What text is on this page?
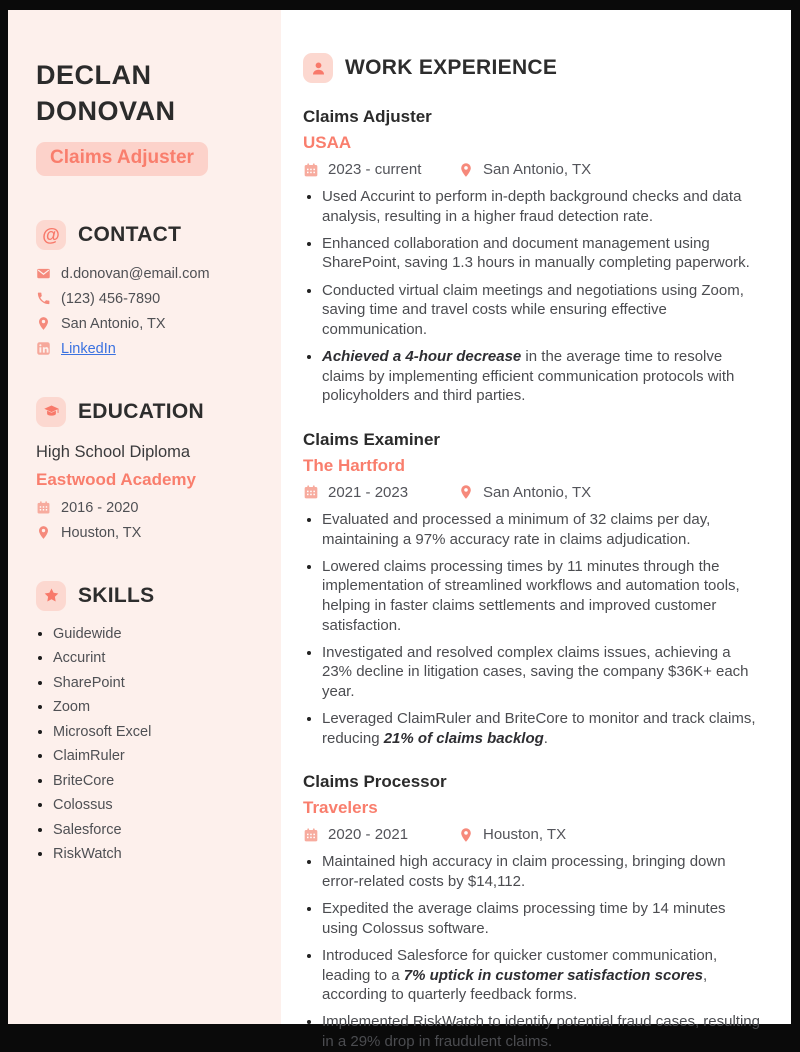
DECLAN
DONOVAN
Claims Adjuster
@ CONTACT
d.donovan@email.com
(123) 456-7890
San Antonio, TX
LinkedIn
EDUCATION
High School Diploma
Eastwood Academy
2016 - 2020
Houston, TX
SKILLS
• Guidewide
• Accurint
• SharePoint
• Zoom
• Microsoft Excel
• ClaimRuler
• BriteCore
• Colossus
• Salesforce
• RiskWatch
WORK EXPERIENCE
Claims Adjuster
USAA
2023 - current	San Antonio, TX
• Used Accurint to perform in-depth background checks and data analysis, resulting in a higher fraud detection rate.
• Enhanced collaboration and document management using SharePoint, saving 1.3 hours in manually completing paperwork.
• Conducted virtual claim meetings and negotiations using Zoom, saving time and travel costs while ensuring effective communication.
• Achieved a 4-hour decrease in the average time to resolve claims by implementing efficient communication protocols with policyholders and third parties.
Claims Examiner
The Hartford
2021 - 2023	San Antonio, TX
• Evaluated and processed a minimum of 32 claims per day, maintaining a 97% accuracy rate in claims adjudication.
• Lowered claims processing times by 11 minutes through the implementation of streamlined workflows and automation tools, helping in faster claims settlements and improved customer satisfaction.
• Investigated and resolved complex claims issues, achieving a 23% decline in litigation cases, saving the company $36K+ each year.
• Leveraged ClaimRuler and BriteCore to monitor and track claims, reducing 21% of claims backlog.
Claims Processor
Travelers
2020 - 2021	Houston, TX
• Maintained high accuracy in claim processing, bringing down error-related costs by $14,112.
• Expedited the average claims processing time by 14 minutes using Colossus software.
• Introduced Salesforce for quicker customer communication, leading to a 7% uptick in customer satisfaction scores, according to quarterly feedback forms.
• Implemented RiskWatch to identify potential fraud cases, resulting in a 29% drop in fraudulent claims.
